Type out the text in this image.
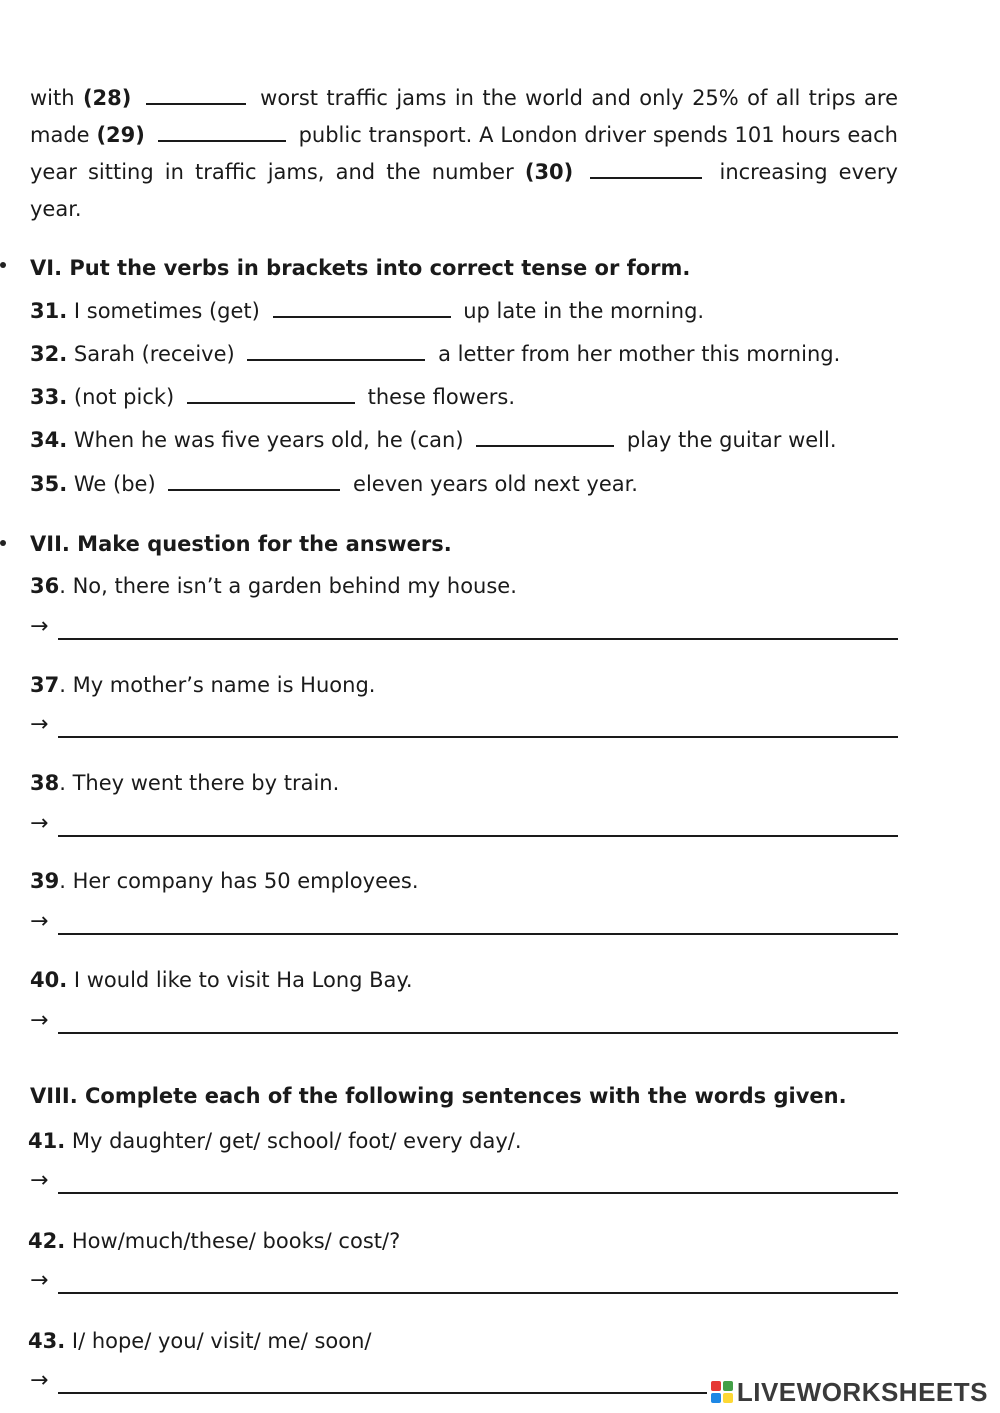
with (28)	worst traffic jams in the world and only 25% of all trips are made (29)	public transport. A London driver spends 101 hours each year sitting in traffic jams, and the number (30)	increasing every year.
VI. Put the verbs in brackets into correct tense or form.
31. I sometimes (get)	up late in the morning.
32. Sarah (receive)	a letter from her mother this morning.
33. (not pick)	these flowers.
34. When he was five years old, he (can)	play the guitar well.
35. We (be)	eleven years old next year.
VII. Make question for the answers.
36. No, there isn’t a garden behind my house.
→
37. My mother’s name is Huong.
→
38. They went there by train.
→
39. Her company has 50 employees.
→
40. I would like to visit Ha Long Bay.
→
VIII. Complete each of the following sentences with the words given.
41. My daughter/ get/ school/ foot/ every day/.
→
42. How/much/these/ books/ cost/?
→
43. I/ hope/ you/ visit/ me/ soon/
→	LIVEWORKSHEETS
